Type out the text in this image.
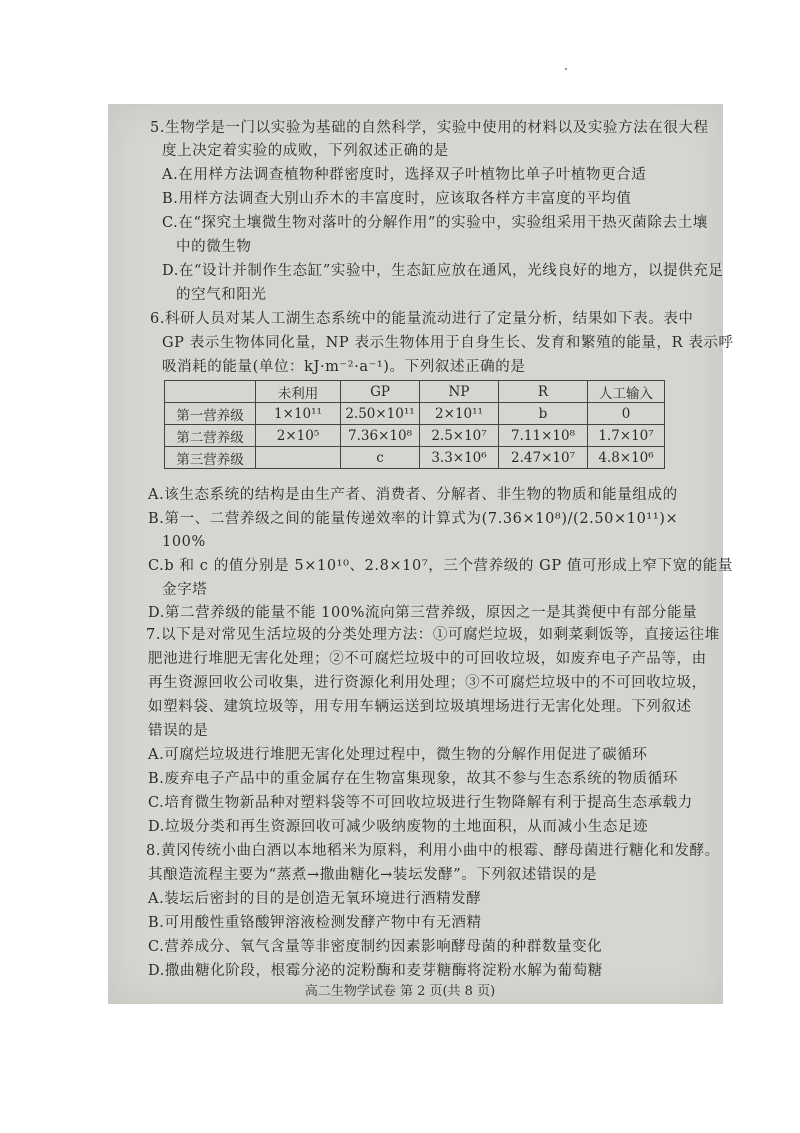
5.生物学是一门以实验为基础的自然科学，实验中使用的材料以及实验方法在很大程
度上决定着实验的成败，下列叙述正确的是
A.在用样方法调查植物种群密度时，选择双子叶植物比单子叶植物更合适
B.用样方法调查大别山乔木的丰富度时，应该取各样方丰富度的平均值
C.在“探究土壤微生物对落叶的分解作用”的实验中，实验组采用干热灭菌除去土壤
中的微生物
D.在“设计并制作生态缸”实验中，生态缸应放在通风，光线良好的地方，以提供充足
的空气和阳光
6.科研人员对某人工湖生态系统中的能量流动进行了定量分析，结果如下表。表中
GP 表示生物体同化量，NP 表示生物体用于自身生长、发育和繁殖的能量，R 表示呼
吸消耗的能量(单位：kJ·m⁻²·a⁻¹)。下列叙述正确的是
	未利用	GP	NP	R	人工输入
第一营养级	1×10¹¹	2.50×10¹¹	2×10¹¹	b	0
第二营养级	2×10⁵	7.36×10⁸	2.5×10⁷	7.11×10⁸	1.7×10⁷
第三营养级		c	3.3×10⁶	2.47×10⁷	4.8×10⁶
A.该生态系统的结构是由生产者、消费者、分解者、非生物的物质和能量组成的
B.第一、二营养级之间的能量传递效率的计算式为(7.36×10⁸)/(2.50×10¹¹)×
100%
C.b 和 c 的值分别是 5×10¹⁰、2.8×10⁷，三个营养级的 GP 值可形成上窄下宽的能量
金字塔
D.第二营养级的能量不能 100%流向第三营养级，原因之一是其粪便中有部分能量
7.以下是对常见生活垃圾的分类处理方法：①可腐烂垃圾，如剩菜剩饭等，直接运往堆
肥池进行堆肥无害化处理；②不可腐烂垃圾中的可回收垃圾，如废弃电子产品等，由
再生资源回收公司收集，进行资源化利用处理；③不可腐烂垃圾中的不可回收垃圾，
如塑料袋、建筑垃圾等，用专用车辆运送到垃圾填埋场进行无害化处理。下列叙述
错误的是
A.可腐烂垃圾进行堆肥无害化处理过程中，微生物的分解作用促进了碳循环
B.废弃电子产品中的重金属存在生物富集现象，故其不参与生态系统的物质循环
C.培育微生物新品种对塑料袋等不可回收垃圾进行生物降解有利于提高生态承载力
D.垃圾分类和再生资源回收可减少吸纳废物的土地面积，从而减小生态足迹
8.黄冈传统小曲白酒以本地稻米为原料，利用小曲中的根霉、酵母菌进行糖化和发酵。
其酿造流程主要为“蒸煮→撒曲糖化→装坛发酵”。下列叙述错误的是
A.装坛后密封的目的是创造无氧环境进行酒精发酵
B.可用酸性重铬酸钾溶液检测发酵产物中有无酒精
C.营养成分、氧气含量等非密度制约因素影响酵母菌的种群数量变化
D.撒曲糖化阶段，根霉分泌的淀粉酶和麦芽糖酶将淀粉水解为葡萄糖
高二生物学试卷 第 2 页(共 8 页)
